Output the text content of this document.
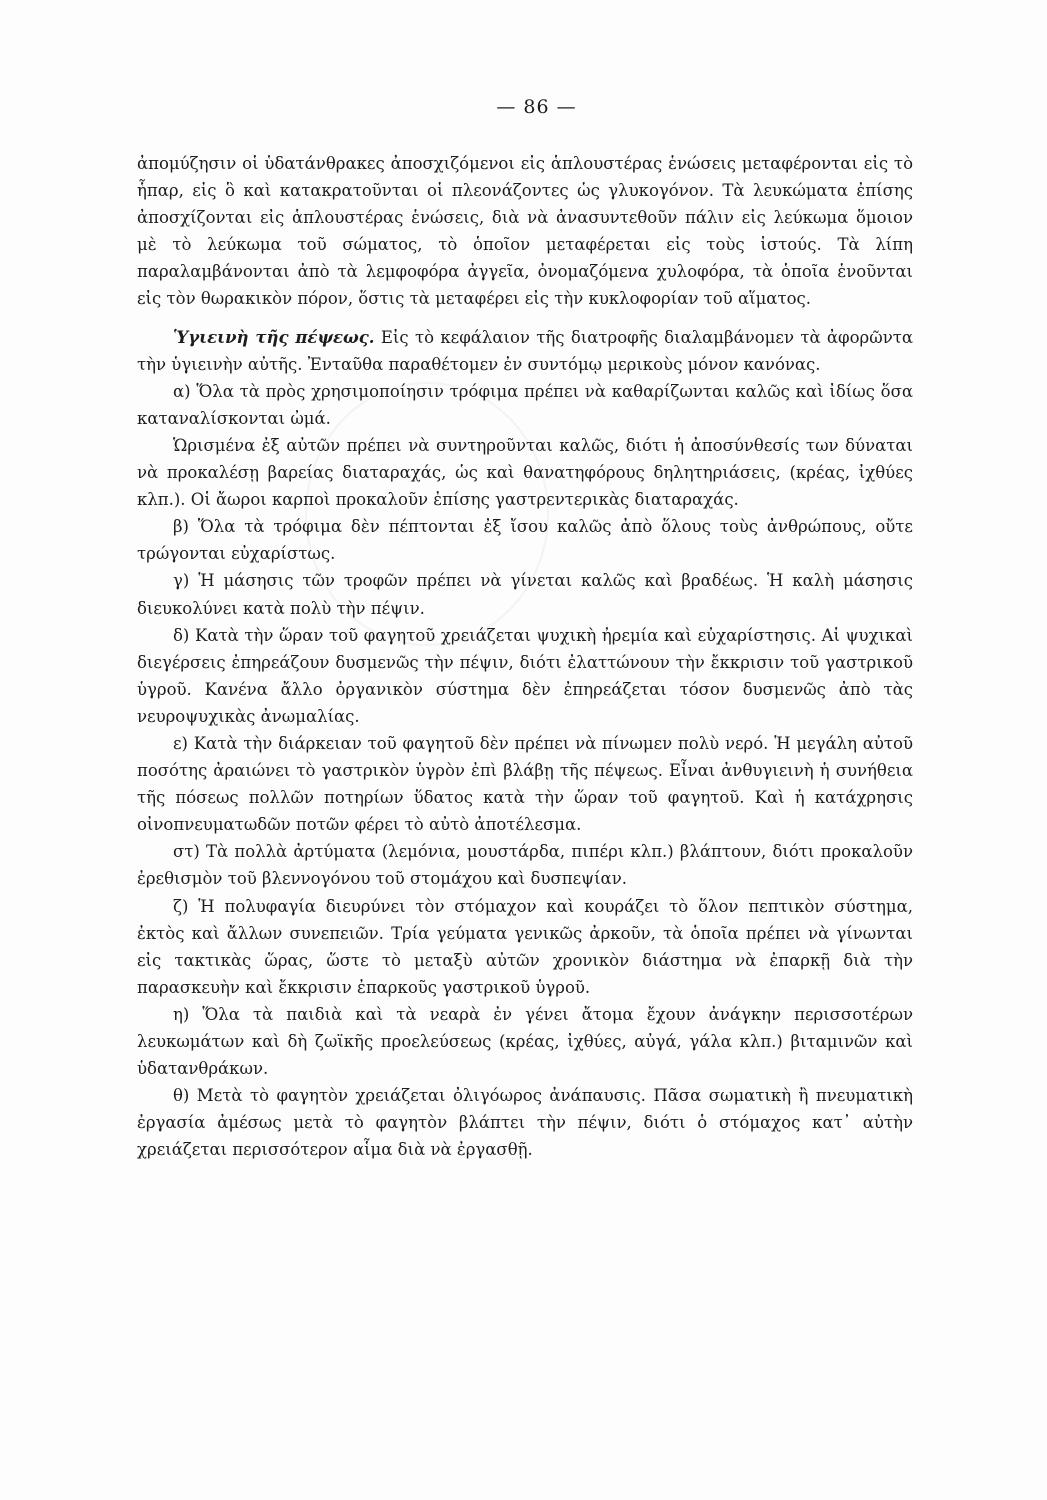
— 86 —

ἀπομύζησιν οἱ ὑδατάνθρακες ἀποσχιζόμενοι εἰς ἁπλουστέρας ἑνώσεις μεταφέρονται εἰς τὸ ἧπαρ, εἰς ὃ καὶ κατακρατοῦνται οἱ πλεονάζοντες ὡς γλυκογόνον. Τὰ λευκώματα ἐπίσης ἀποσχίζονται εἰς ἁπλουστέρας ἑνώσεις, διὰ νὰ ἀνασυντεθοῦν πάλιν εἰς λεύκωμα ὅμοιον μὲ τὸ λεύκωμα τοῦ σώματος, τὸ ὁποῖον μεταφέρεται εἰς τοὺς ἱστούς. Τὰ λίπη παραλαμβάνονται ἀπὸ τὰ λεμφοφόρα ἀγγεῖα, ὀνομαζόμενα χυλοφόρα, τὰ ὁποῖα ἑνοῦνται εἰς τὸν θωρακικὸν πόρον, ὅστις τὰ μεταφέρει εἰς τὴν κυκλοφορίαν τοῦ αἵματος.

Ὑγιεινὴ τῆς πέψεως. Εἰς τὸ κεφάλαιον τῆς διατροφῆς διαλαμβάνομεν τὰ ἀφορῶντα τὴν ὑγιεινὴν αὐτῆς. Ἐνταῦθα παραθέτομεν ἐν συντόμῳ μερικοὺς μόνον κανόνας.

α) Ὅλα τὰ πρὸς χρησιμοποίησιν τρόφιμα πρέπει νὰ καθαρίζωνται καλῶς καὶ ἰδίως ὅσα καταναλίσκονται ὠμά.

Ὡρισμένα ἐξ αὐτῶν πρέπει νὰ συντηροῦνται καλῶς, διότι ἡ ἀποσύνθεσίς των δύναται νὰ προκαλέσῃ βαρείας διαταραχάς, ὡς καὶ θανατηφόρους δηλητηριάσεις, (κρέας, ἰχθύες κλπ.). Οἱ ἄωροι καρποὶ προκαλοῦν ἐπίσης γαστρεντερικὰς διαταραχάς.

β) Ὅλα τὰ τρόφιμα δὲν πέπτονται ἐξ ἴσου καλῶς ἀπὸ ὅλους τοὺς ἀνθρώπους, οὔτε τρώγονται εὐχαρίστως.

γ) Ἡ μάσησις τῶν τροφῶν πρέπει νὰ γίνεται καλῶς καὶ βραδέως. Ἡ καλὴ μάσησις διευκολύνει κατὰ πολὺ τὴν πέψιν.

δ) Κατὰ τὴν ὥραν τοῦ φαγητοῦ χρειάζεται ψυχικὴ ἠρεμία καὶ εὐχαρίστησις. Αἱ ψυχικαὶ διεγέρσεις ἐπηρεάζουν δυσμενῶς τὴν πέψιν, διότι ἐλαττώνουν τὴν ἔκκρισιν τοῦ γαστρικοῦ ὑγροῦ. Κανένα ἄλλο ὀργανικὸν σύστημα δὲν ἐπηρεάζεται τόσον δυσμενῶς ἀπὸ τὰς νευροψυχικὰς ἀνωμαλίας.

ε) Κατὰ τὴν διάρκειαν τοῦ φαγητοῦ δὲν πρέπει νὰ πίνωμεν πολὺ νερό. Ἡ μεγάλη αὐτοῦ ποσότης ἀραιώνει τὸ γαστρικὸν ὑγρὸν ἐπὶ βλάβῃ τῆς πέψεως. Εἶναι ἀνθυγιεινὴ ἡ συνήθεια τῆς πόσεως πολλῶν ποτηρίων ὕδατος κατὰ τὴν ὥραν τοῦ φαγητοῦ. Καὶ ἡ κατάχρησις οἰνοπνευματωδῶν ποτῶν φέρει τὸ αὐτὸ ἀποτέλεσμα.

στ) Τὰ πολλὰ ἀρτύματα (λεμόνια, μουστάρδα, πιπέρι κλπ.) βλάπτουν, διότι προκαλοῦν ἐρεθισμὸν τοῦ βλεννογόνου τοῦ στομάχου καὶ δυσπεψίαν.

ζ) Ἡ πολυφαγία διευρύνει τὸν στόμαχον καὶ κουράζει τὸ ὅλον πεπτικὸν σύστημα, ἐκτὸς καὶ ἄλλων συνεπειῶν. Τρία γεύματα γενικῶς ἀρκοῦν, τὰ ὁποῖα πρέπει νὰ γίνωνται εἰς τακτικὰς ὥρας, ὥστε τὸ μεταξὺ αὐτῶν χρονικὸν διάστημα νὰ ἐπαρκῇ διὰ τὴν παρασκευὴν καὶ ἔκκρισιν ἐπαρκοῦς γαστρικοῦ ὑγροῦ.

η) Ὅλα τὰ παιδιὰ καὶ τὰ νεαρὰ ἐν γένει ἄτομα ἔχουν ἀνάγκην περισσοτέρων λευκωμάτων καὶ δὴ ζωϊκῆς προελεύσεως (κρέας, ἰχθύες, αὐγά, γάλα κλπ.) βιταμινῶν καὶ ὑδατανθράκων.

θ) Μετὰ τὸ φαγητὸν χρειάζεται ὀλιγόωρος ἀνάπαυσις. Πᾶσα σωματικὴ ἢ πνευματικὴ ἐργασία ἀμέσως μετὰ τὸ φαγητὸν βλάπτει τὴν πέψιν, διότι ὁ στόμαχος κατ᾿ αὐτὴν χρειάζεται περισσότερον αἷμα διὰ νὰ ἐργασθῇ.
